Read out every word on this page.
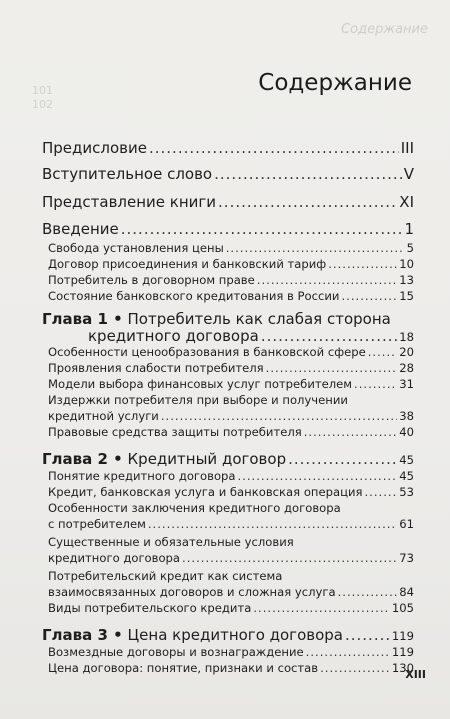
Содержание
101
102
Содержание
Предисловие .....	III
Вступительное слово .....	V
Представление книги .....	XI
Введение .....	1
Свобода установления цены .....	5
Договор присоединения и банковский тариф .....	10
Потребитель в договорном праве .....	13
Состояние банковского кредитования в России .....	15
Глава 1 • Потребитель как слабая сторона
кредитного договора .....	18
Особенности ценообразования в банковской сфере .....	20
Проявления слабости потребителя .....	28
Модели выбора финансовых услуг потребителем .....	31
Издержки потребителя при выборе и получении
кредитной услуги .....	38
Правовые средства защиты потребителя .....	40
Глава 2 • Кредитный договор .....	45
Понятие кредитного договора .....	45
Кредит, банковская услуга и банковская операция .....	53
Особенности заключения кредитного договора
с потребителем .....	61
Существенные и обязательные условия
кредитного договора .....	73
Потребительский кредит как система
взаимосвязанных договоров и сложная услуга .....	84
Виды потребительского кредита .....	105
Глава 3 • Цена кредитного договора .....	119
Возмездные договоры и вознаграждение .....	119
Цена договора: понятие, признаки и состав .....	130
XIII
